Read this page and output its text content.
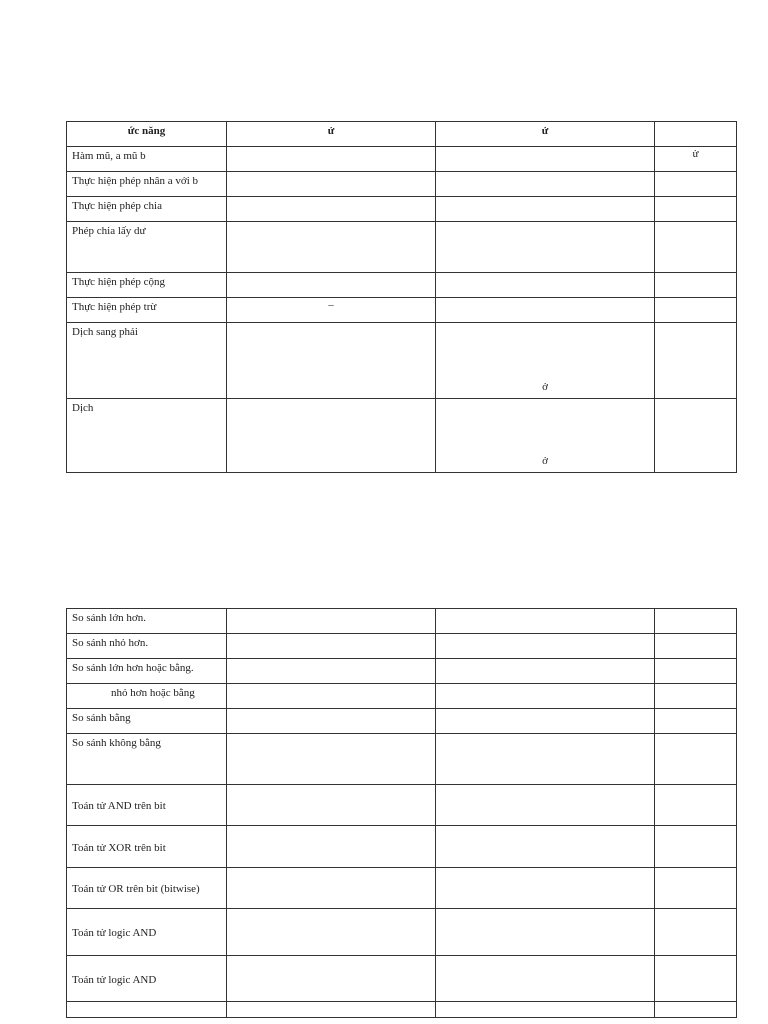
ức năng	ử	ử	
Hàm mũ, a mũ b			ử
Thực hiện phép nhân a với b			
Thực hiện phép chia			
Phép chia lấy dư			
Thực hiện phép cộng			
Thực hiện phép trừ	–		
Dịch sang phải		ở	
Dịch		ở	
So sánh lớn hơn.			
So sánh nhỏ hơn.			
So sánh lớn hơn hoặc bằng.			
nhỏ hơn hoặc bằng			
So sánh bằng			
So sánh không bằng			
Toán tử AND trên bit			
Toán tử XOR trên bit			
Toán tử OR trên bit (bitwise)			
Toán tử logic AND			
Toán tử logic AND			
